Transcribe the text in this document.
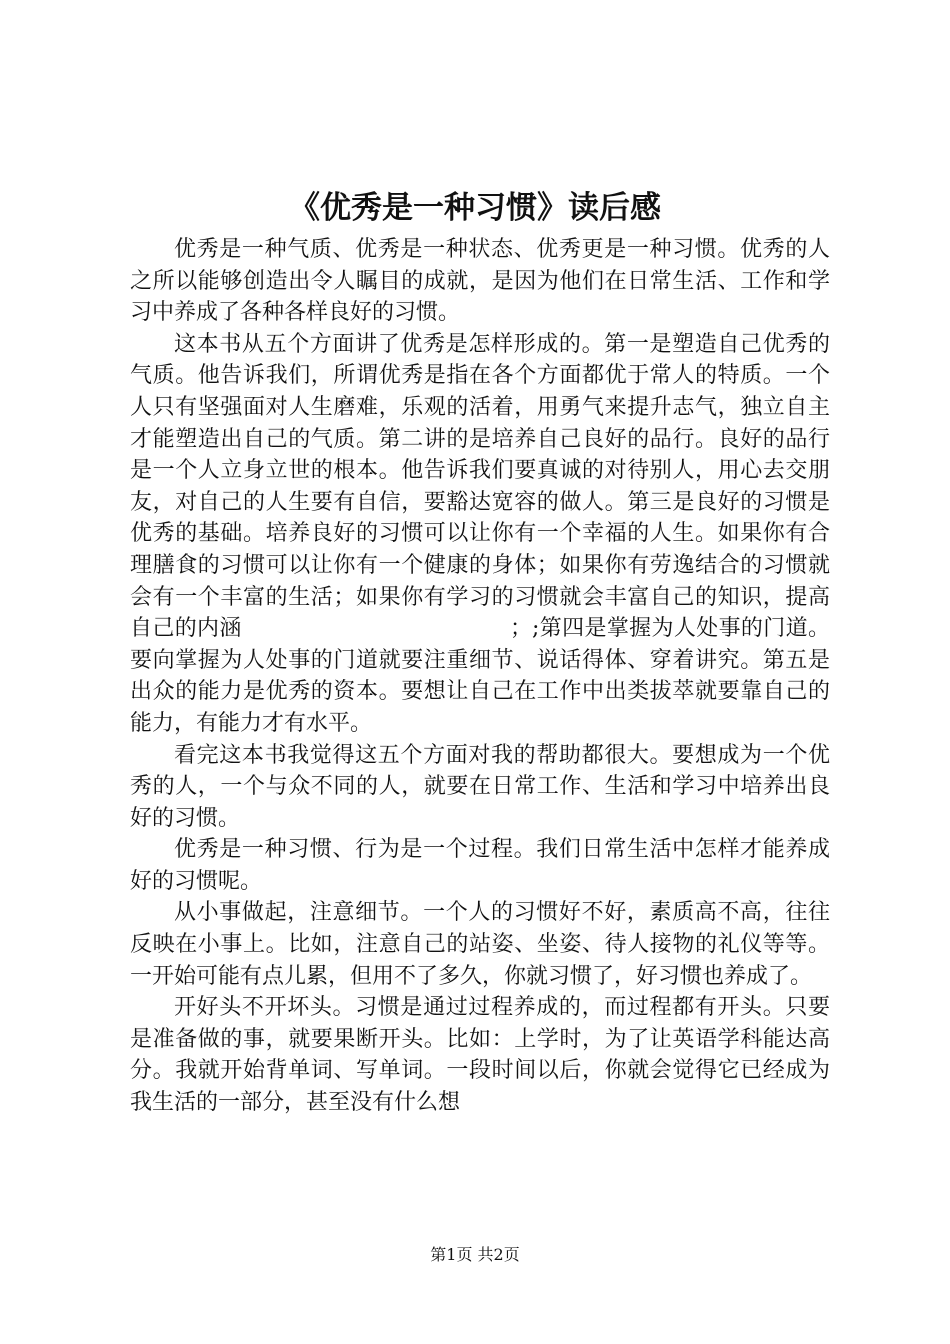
《优秀是一种习惯》读后感

优秀是一种气质、优秀是一种状态、优秀更是一种习惯。优秀的人之所以能够创造出令人瞩目的成就，是因为他们在日常生活、工作和学习中养成了各种各样良好的习惯。

这本书从五个方面讲了优秀是怎样形成的。第一是塑造自己优秀的气质。他告诉我们，所谓优秀是指在各个方面都优于常人的特质。一个人只有坚强面对人生磨难，乐观的活着，用勇气来提升志气，独立自主才能塑造出自己的气质。第二讲的是培养自己良好的品行。良好的品行是一个人立身立世的根本。他告诉我们要真诚的对待别人，用心去交朋友，对自己的人生要有自信，要豁达宽容的做人。第三是良好的习惯是优秀的基础。培养良好的习惯可以让你有一个幸福的人生。如果你有合理膳食的习惯可以让你有一个健康的身体；如果你有劳逸结合的习惯就会有一个丰富的生活；如果你有学习的习惯就会丰富自己的知识，提高自己的内涵　　　　　　　　　　　　；;第四是掌握为人处事的门道。要向掌握为人处事的门道就要注重细节、说话得体、穿着讲究。第五是出众的能力是优秀的资本。要想让自己在工作中出类拔萃就要靠自己的能力，有能力才有水平。

看完这本书我觉得这五个方面对我的帮助都很大。要想成为一个优秀的人，一个与众不同的人，就要在日常工作、生活和学习中培养出良好的习惯。

优秀是一种习惯、行为是一个过程。我们日常生活中怎样才能养成好的习惯呢。

从小事做起，注意细节。一个人的习惯好不好，素质高不高，往往反映在小事上。比如，注意自己的站姿、坐姿、待人接物的礼仪等等。一开始可能有点儿累，但用不了多久，你就习惯了，好习惯也养成了。

开好头不开坏头。习惯是通过过程养成的，而过程都有开头。只要是准备做的事，就要果断开头。比如：上学时，为了让英语学科能达高分。我就开始背单词、写单词。一段时间以后，你就会觉得它已经成为我生活的一部分，甚至没有什么想

第1页 共2页
